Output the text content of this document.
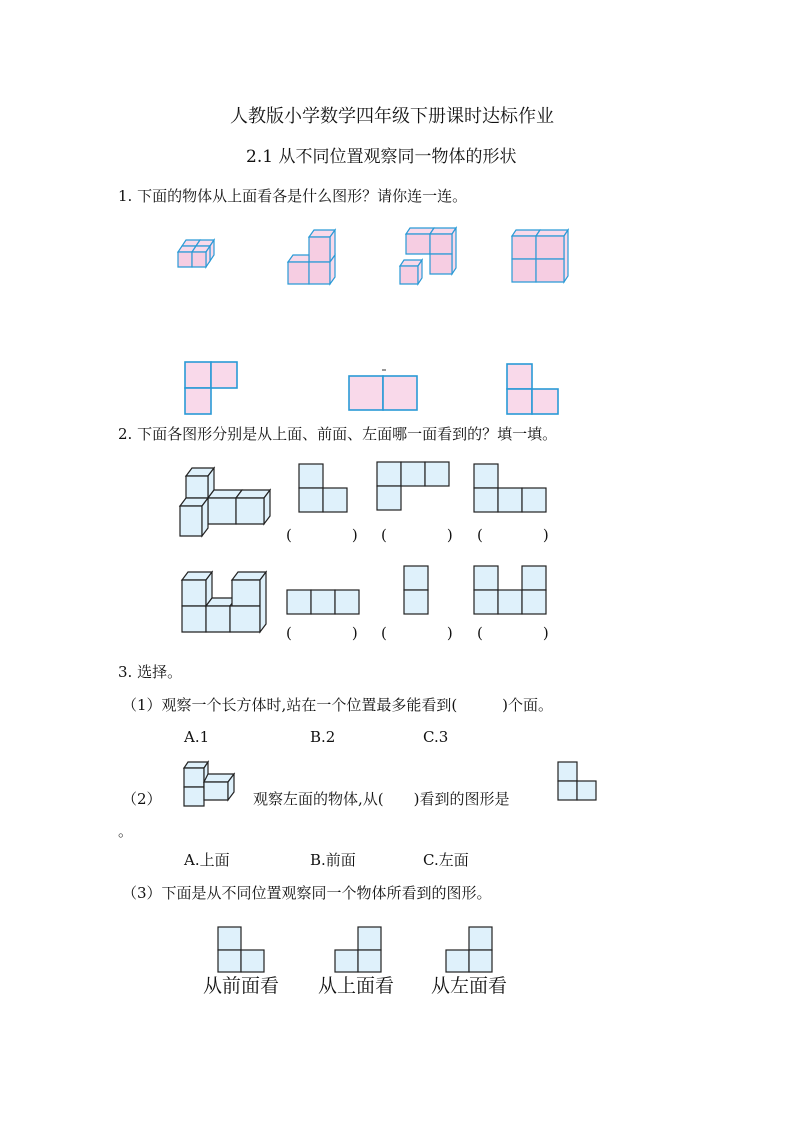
人教版小学数学四年级下册课时达标作业
2.1 从不同位置观察同一物体的形状
1. 下面的物体从上面看各是什么图形？请你连一连。
2. 下面各图形分别是从上面、前面、左面哪一面看到的？填一填。
(　　　　) (　　　　) (　　　　)
(　　　　) (　　　　) (　　　　)
3. 选择。
（1）观察一个长方体时,站在一个位置最多能看到(　　　)个面。
A.1	B.2	C.3
（2）	观察左面的物体,从(　　)看到的图形是
。
A.上面	B.前面	C.左面
（3）下面是从不同位置观察同一个物体所看到的图形。
从前面看 从上面看 从左面看
